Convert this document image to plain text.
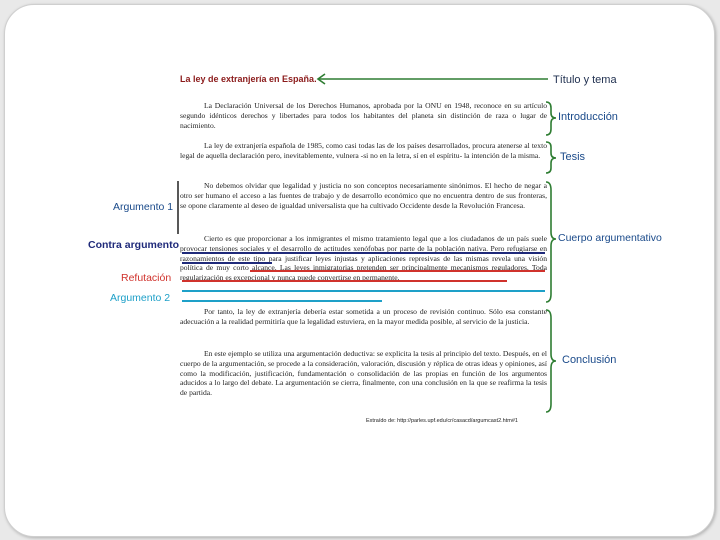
La ley de extranjería en España.

La Declaración Universal de los Derechos Humanos, aprobada por la ONU en 1948, reconoce en su artículo segundo idénticos derechos y libertades para todos los habitantes del planeta sin distinción de raza o lugar de nacimiento.

La ley de extranjería española de 1985, como casi todas las de los países desarrollados, procura atenerse al texto legal de aquella declaración pero, inevitablemente, vulnera -si no en la letra, sí en el espíritu- la intención de la misma.

No debemos olvidar que legalidad y justicia no son conceptos necesariamente sinónimos. El hecho de negar a otro ser humano el acceso a las fuentes de trabajo y de desarrollo económico que no encuentra dentro de sus fronteras, se opone claramente al deseo de igualdad universalista que ha cultivado Occidente desde la Revolución Francesa.

Cierto es que proporcionar a los inmigrantes el mismo tratamiento legal que a los ciudadanos de un país suele provocar tensiones sociales y el desarrollo de actitudes xenófobas por parte de la población nativa. Pero refugiarse en razonamientos de este tipo para justificar leyes injustas y aplicaciones represivas de las mismas revela una visión política de muy corto alcance. Las leyes inmigratorias pretenden ser principalmente mecanismos reguladores. Toda regularización es excepcional y nunca puede convertirse en permanente.

Por tanto, la ley de extranjería debería estar sometida a un proceso de revisión continuo. Sólo esa constante adecuación a la realidad permitiría que la legalidad estuviera, en la mayor medida posible, al servicio de la justicia.

En este ejemplo se utiliza una argumentación deductiva: se explicita la tesis al principio del texto. Después, en el cuerpo de la argumentación, se procede a la consideración, valoración, discusión y réplica de otras ideas y opiniones, así como la modificación, justificación, fundamentación o consolidación de las propias en función de los argumentos aducidos a lo largo del debate. La argumentación se cierra, finalmente, con una conclusión en la que se reafirma la tesis de partida.

Extraído de: http://parles.upf.edu/cr/casacd/argumcast2.htm#1
Argumento 1
Contra argumento
Refutación
Argumento 2
Título y tema
Introducción
Tesis
Cuerpo argumentativo
Conclusión
